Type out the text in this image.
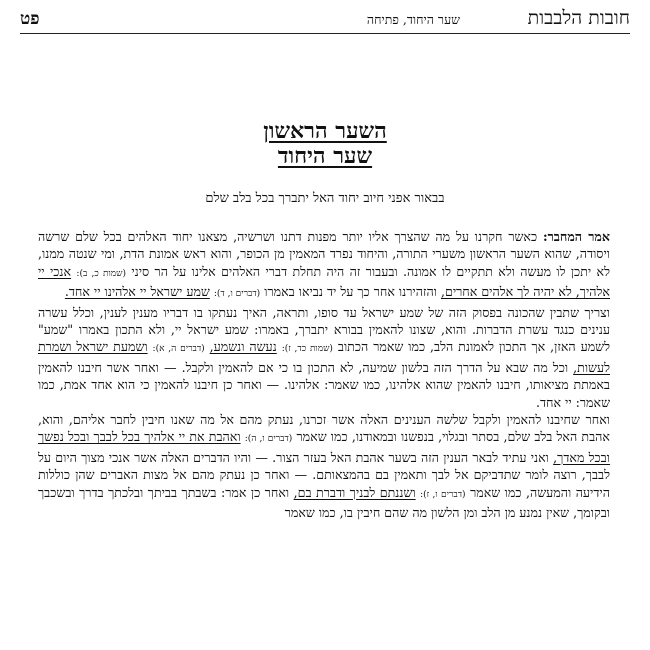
חובות הלבבות
שער היחוד, פתיחה
פט
השער הראשון
שער היחוד
בבאור אפני חיוב יחוד האל יתברך בכל בלב שלם

אמר המחבר: כאשר חקרנו על מה שהצרך אליו יותר מפנות דתנו ושרשיה, מצאנו יחוד האלהים בכל שלם שרשה ויסודה, שהוא השער הראשון משערי התורה, והיחוד נפרד המאמין מן הכופר, והוא ראש אמונת הדת, ומי שנטה ממנו, לא יתכן לו מעשה ולא תתקיים לו אמונה. ובעבור זה היה תחלת דברי האלהים אלינו על הר סיני (שמות כ, ב): אנכי יי אלהיך, לא יהיה לך אלהים אחרים, והזהירנו אחר כך על יד נביאו באמרו (דברים ו, ד): שמע ישראל יי אלהינו יי אחד.

וצריך שתבין שהכונה בפסוק הזה של שמע ישראל עד סופו, ותראה, האיך נעתקו בו דבריו מענין לענין, וכלל עשרה ענינים כנגד עשרת הדברות. והוא, שצונו להאמין בבורא יתברך, באמרו: שמע ישראל יי, ולא התכון באמרו "שמע" לשמע האזן, אך התכון לאמונת הלב, כמו שאמר הכתוב (שמות כד, ז): נעשה ונשמע, (דברים ה, א): ושמעת ישראל ושמרת לעשות, וכל מה שבא על הדרך הזה בלשון שמיעה, לא התכון בו כי אם להאמין ולקבל. — ואחר אשר חיבנו להאמין באמתת מציאותו, חיבנו להאמין שהוא אלהינו, כמו שאמר: אלהינו. — ואחר כן חיבנו להאמין כי הוא אחד אמת, כמו שאמר: יי אחד.

ואחר שחיבנו להאמין ולקבל שלשה הענינים האלה אשר זכרנו, נעתק מהם אל מה שאנו חיבין לחבר אליהם, והוא, אהבת האל בלב שלם, בסתר ובגלוי, בנפשנו ובמאודנו, כמו שאמר (דברים ו, ה): ואהבת את יי אלהיך בכל לבבך ובכל נפשך ובכל מאדך, ואני עתיד לבאר הענין הזה בשער אהבת האל בעזר הצור. — והיו הדברים האלה אשר אנכי מצוך היום על לבבך, רוצה לומר שתדביקם אל לבך ותאמין בם בהמצאותם. — ואחר כן נעתק מהם אל מצות האברים שהן כוללות הידיעה והמעשה, כמו שאמר (דברים ו, ז): ושננתם לבניך ודברת בם, ואחר כן אמר: בשבתך בביתך ובלכתך בדרך ובשכבך ובקומך, שאין נמנע מן הלב ומן הלשון מה שהם חיבין בו, כמו שאמר
